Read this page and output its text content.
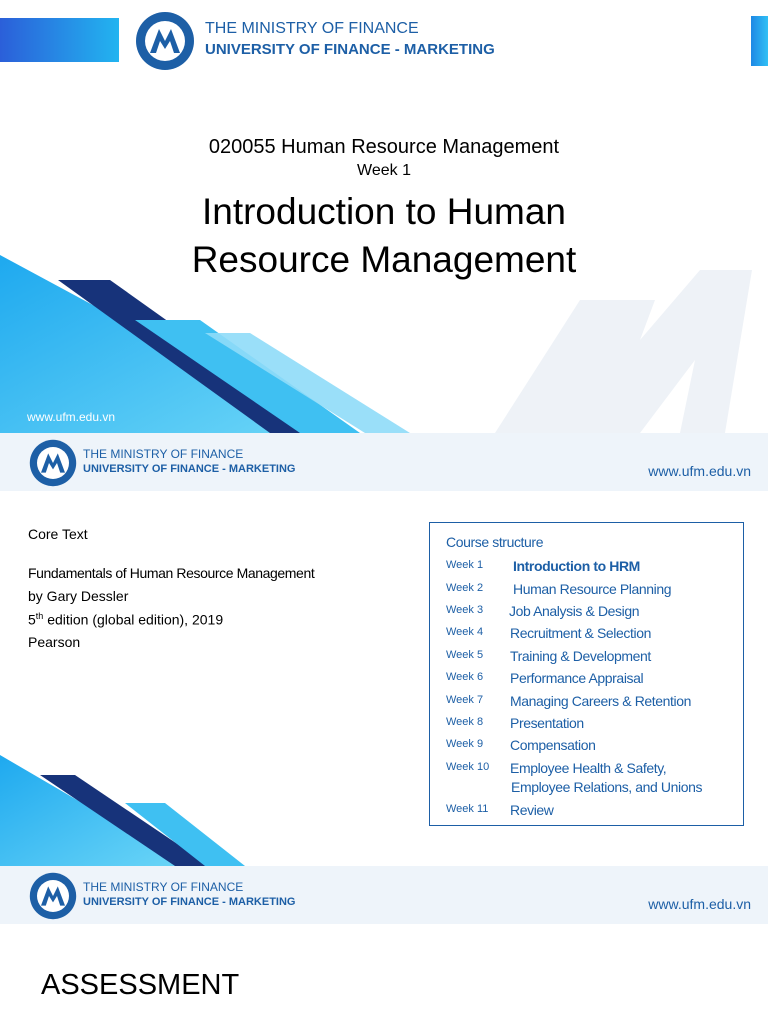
THE MINISTRY OF FINANCE
UNIVERSITY OF FINANCE - MARKETING
020055 Human Resource Management
Week 1
Introduction to Human
Resource Management
www.ufm.edu.vn
THE MINISTRY OF FINANCE
UNIVERSITY OF FINANCE - MARKETING	www.ufm.edu.vn
Core Text
Fundamentals of Human Resource Management
by Gary Dessler
5th edition (global edition), 2019
Pearson
Course structure
Week 1 Introduction to HRM
Week 2 Human Resource Planning
Week 3 Job Analysis & Design
Week 4 Recruitment & Selection
Week 5 Training & Development
Week 6 Performance Appraisal
Week 7 Managing Careers & Retention
Week 8 Presentation
Week 9 Compensation
Week 10 Employee Health & Safety,
Employee Relations, and Unions
Week 11 Review
THE MINISTRY OF FINANCE
UNIVERSITY OF FINANCE - MARKETING	www.ufm.edu.vn
ASSESSMENT
